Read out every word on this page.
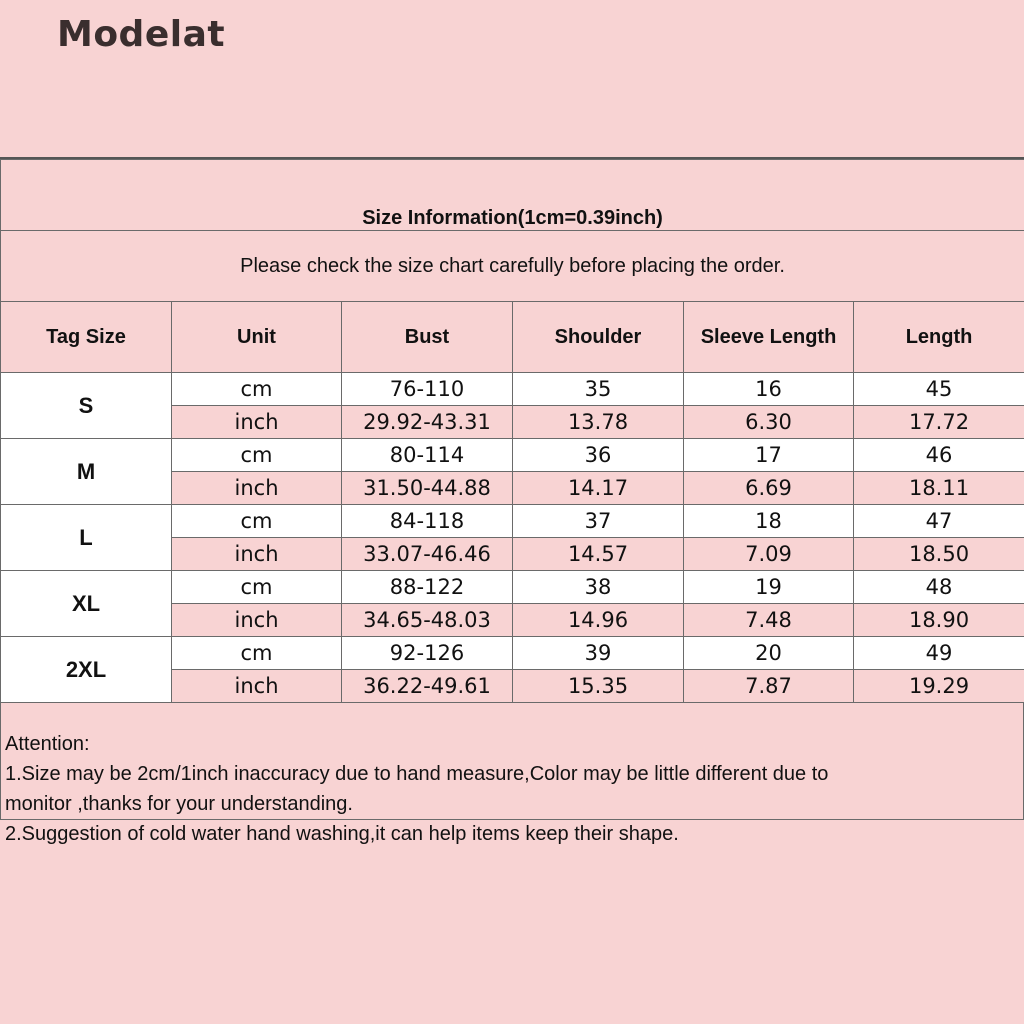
Modelat
Size Information(1cm=0.39inch)					
Please check the size chart carefully before placing the order.					
Tag Size	Unit	Bust	Shoulder	Sleeve Length	Length
S	cm	76-110	35	16	45
	inch	29.92-43.31	13.78	6.30	17.72
M	cm	80-114	36	17	46
	inch	31.50-44.88	14.17	6.69	18.11
L	cm	84-118	37	18	47
	inch	33.07-46.46	14.57	7.09	18.50
XL	cm	88-122	38	19	48
	inch	34.65-48.03	14.96	7.48	18.90
2XL	cm	92-126	39	20	49
	inch	36.22-49.61	15.35	7.87	19.29
Attention:
1.Size may be 2cm/1inch inaccuracy due to hand measure,Color may be little different due to
monitor ,thanks for your understanding.
2.Suggestion of cold water hand washing,it can help items keep their shape.
